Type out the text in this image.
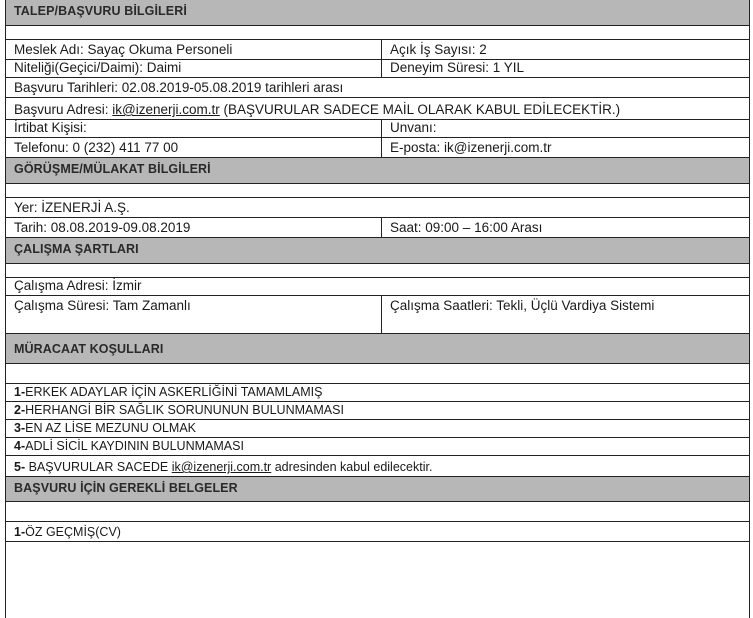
TALEP/BAŞVURU BİLGİLERİ
Meslek Adı: Sayaç Okuma Personeli	Açık İş Sayısı: 2
Niteliği(Geçici/Daimi): Daimi	Deneyim Süresi: 1 YIL
Başvuru Tarihleri: 02.08.2019-05.08.2019 tarihleri arası
Başvuru Adresi: ik@izenerji.com.tr (BAŞVURULAR SADECE MAİL OLARAK KABUL EDİLECEKTİR.)
İrtibat Kişisi:	Unvanı:
Telefonu: 0 (232) 411 77 00	E-posta: ik@izenerji.com.tr
GÖRÜŞME/MÜLAKAT BİLGİLERİ
Yer: İZENERJİ A.Ş.
Tarih: 08.08.2019-09.08.2019	Saat: 09:00 – 16:00 Arası
ÇALIŞMA ŞARTLARI
Çalışma Adresi: İzmir
Çalışma Süresi: Tam Zamanlı	Çalışma Saatleri: Tekli, Üçlü Vardiya Sistemi
MÜRACAAT KOŞULLARI
1-ERKEK ADAYLAR İÇİN ASKERLİĞİNİ TAMAMLAMIŞ
2-HERHANGİ BİR SAĞLIK SORUNUNUN BULUNMAMASI
3-EN AZ LİSE MEZUNU OLMAK
4-ADLİ SİCİL KAYDININ BULUNMAMASI
5- BAŞVURULAR SACEDE ik@izenerji.com.tr adresinden kabul edilecektir.
BAŞVURU İÇİN GEREKLİ BELGELER
1-ÖZ GEÇMİŞ(CV)
